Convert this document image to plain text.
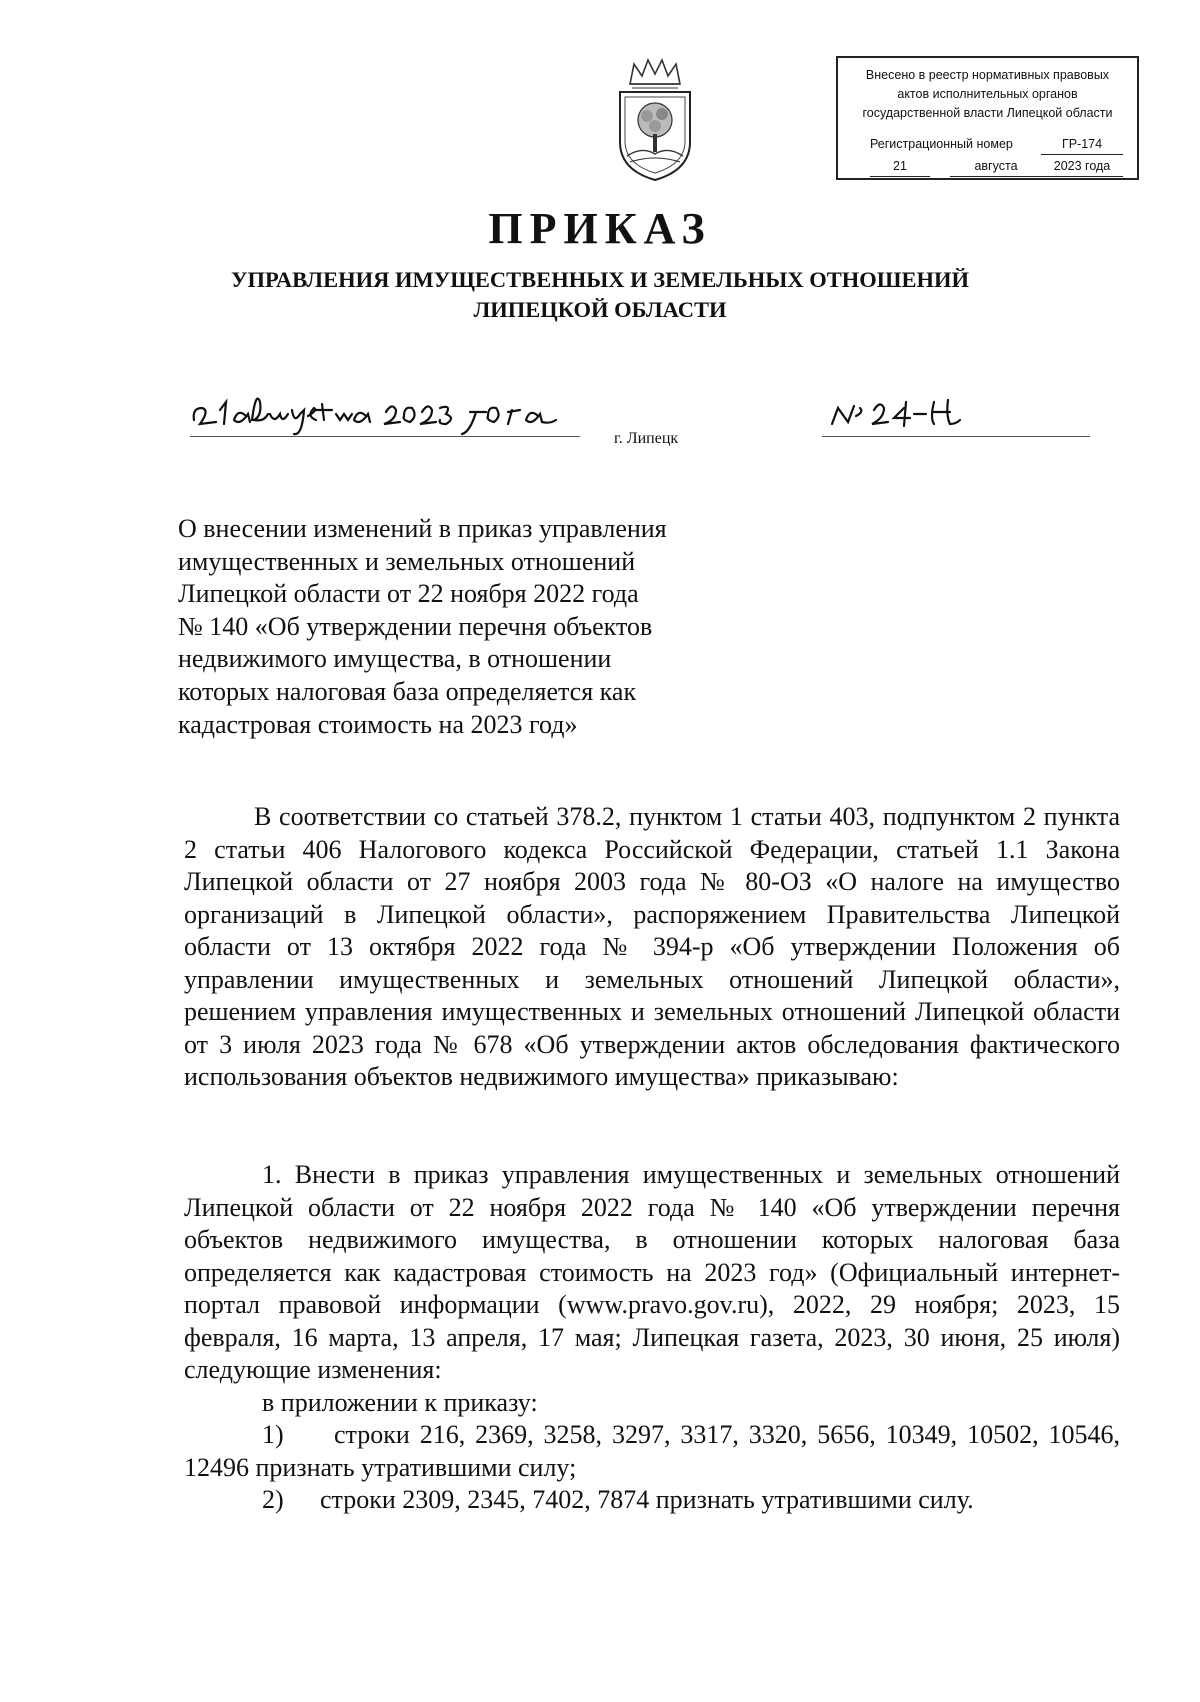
Внесено в реестр нормативных правовых
актов исполнительных органов
государственной власти Липецкой области
Регистрационный номер	ГР-174
21	августа	2023 года
ПРИКАЗ
УПРАВЛЕНИЯ ИМУЩЕСТВЕННЫХ И ЗЕМЕЛЬНЫХ ОТНОШЕНИЙ
ЛИПЕЦКОЙ ОБЛАСТИ
г. Липецк
О внесении изменений в приказ управления
имущественных и земельных отношений
Липецкой области от 22 ноября 2022 года
№ 140 «Об утверждении перечня объектов
недвижимого имущества, в отношении
которых налоговая база определяется как
кадастровая стоимость на 2023 год»

В соответствии со статьей 378.2, пунктом 1 статьи 403, подпунктом 2 пункта 2 статьи 406 Налогового кодекса Российской Федерации, статьей 1.1 Закона Липецкой области от 27 ноября 2003 года № 80-ОЗ «О налоге на имущество организаций в Липецкой области», распоряжением Правительства Липецкой области от 13 октября 2022 года № 394-р «Об утверждении Положения об управлении имущественных и земельных отношений Липецкой области», решением управления имущественных и земельных отношений Липецкой области от 3 июля 2023 года № 678 «Об утверждении актов обследования фактического использования объектов недвижимого имущества» приказываю:

1. Внести в приказ управления имущественных и земельных отношений Липецкой области от 22 ноября 2022 года № 140 «Об утверждении перечня объектов недвижимого имущества, в отношении которых налоговая база определяется как кадастровая стоимость на 2023 год» (Официальный интернет-портал правовой информации (www.pravo.gov.ru), 2022, 29 ноября; 2023, 15 февраля, 16 марта, 13 апреля, 17 мая; Липецкая газета, 2023, 30 июня, 25 июля) следующие изменения:

в приложении к приказу:

1) строки 216, 2369, 3258, 3297, 3317, 3320, 5656, 10349, 10502, 10546, 12496 признать утратившими силу;

2) строки 2309, 2345, 7402, 7874 признать утратившими силу.
